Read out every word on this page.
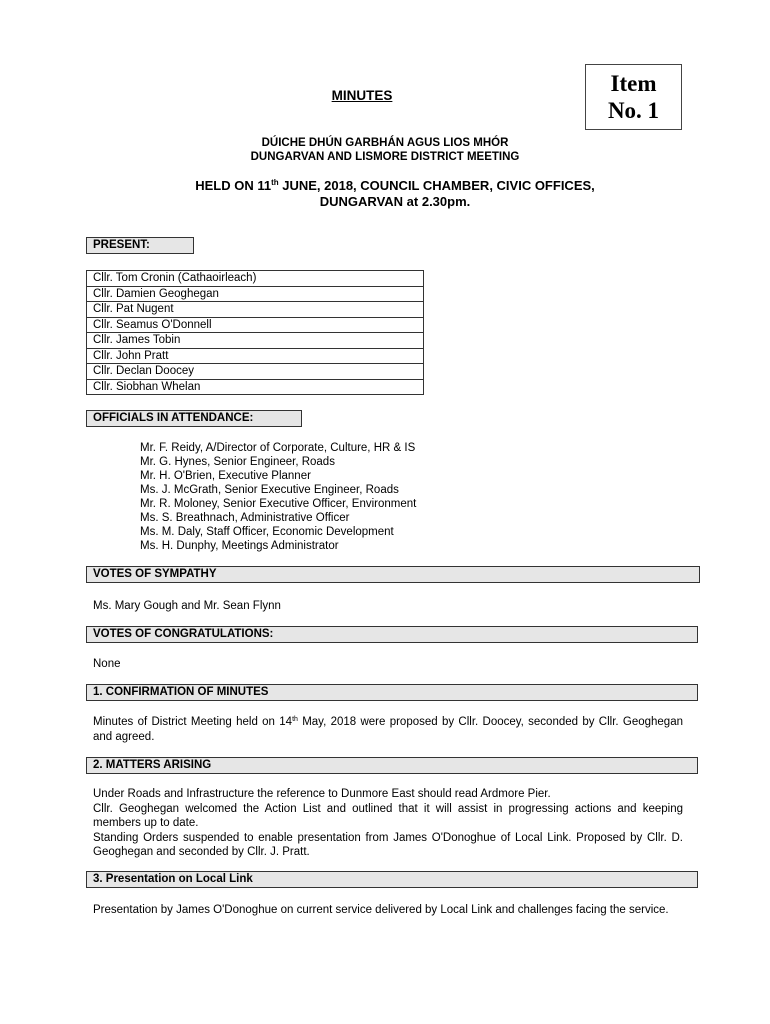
Item
No. 1
MINUTES
DÚICHE DHÚN GARBHÁN AGUS LIOS MHÓR
DUNGARVAN AND LISMORE DISTRICT MEETING
HELD ON 11th JUNE, 2018, COUNCIL CHAMBER, CIVIC OFFICES,
DUNGARVAN at 2.30pm.
PRESENT:
Cllr. Tom Cronin (Cathaoirleach)
Cllr. Damien Geoghegan
Cllr. Pat Nugent
Cllr. Seamus O'Donnell
Cllr. James Tobin
Cllr. John Pratt
Cllr. Declan Doocey
Cllr. Siobhan Whelan
OFFICIALS IN ATTENDANCE:
Mr. F. Reidy, A/Director of Corporate, Culture, HR & IS
Mr. G. Hynes, Senior Engineer, Roads
Mr. H. O'Brien, Executive Planner
Ms. J. McGrath, Senior Executive Engineer, Roads
Mr. R. Moloney, Senior Executive Officer, Environment
Ms. S. Breathnach, Administrative Officer
Ms. M. Daly, Staff Officer, Economic Development
Ms. H. Dunphy, Meetings Administrator
VOTES OF SYMPATHY
Ms. Mary Gough and Mr. Sean Flynn
VOTES OF CONGRATULATIONS:
None
1. CONFIRMATION OF MINUTES
Minutes of District Meeting held on 14th May, 2018 were proposed by Cllr. Doocey, seconded by Cllr. Geoghegan and agreed.
2. MATTERS ARISING
Under Roads and Infrastructure the reference to Dunmore East should read Ardmore Pier.
Cllr. Geoghegan welcomed the Action List and outlined that it will assist in progressing actions and keeping members up to date.
Standing Orders suspended to enable presentation from James O'Donoghue of Local Link. Proposed by Cllr. D. Geoghegan and seconded by Cllr. J. Pratt.
3. Presentation on Local Link
Presentation by James O'Donoghue on current service delivered by Local Link and challenges facing the service.
